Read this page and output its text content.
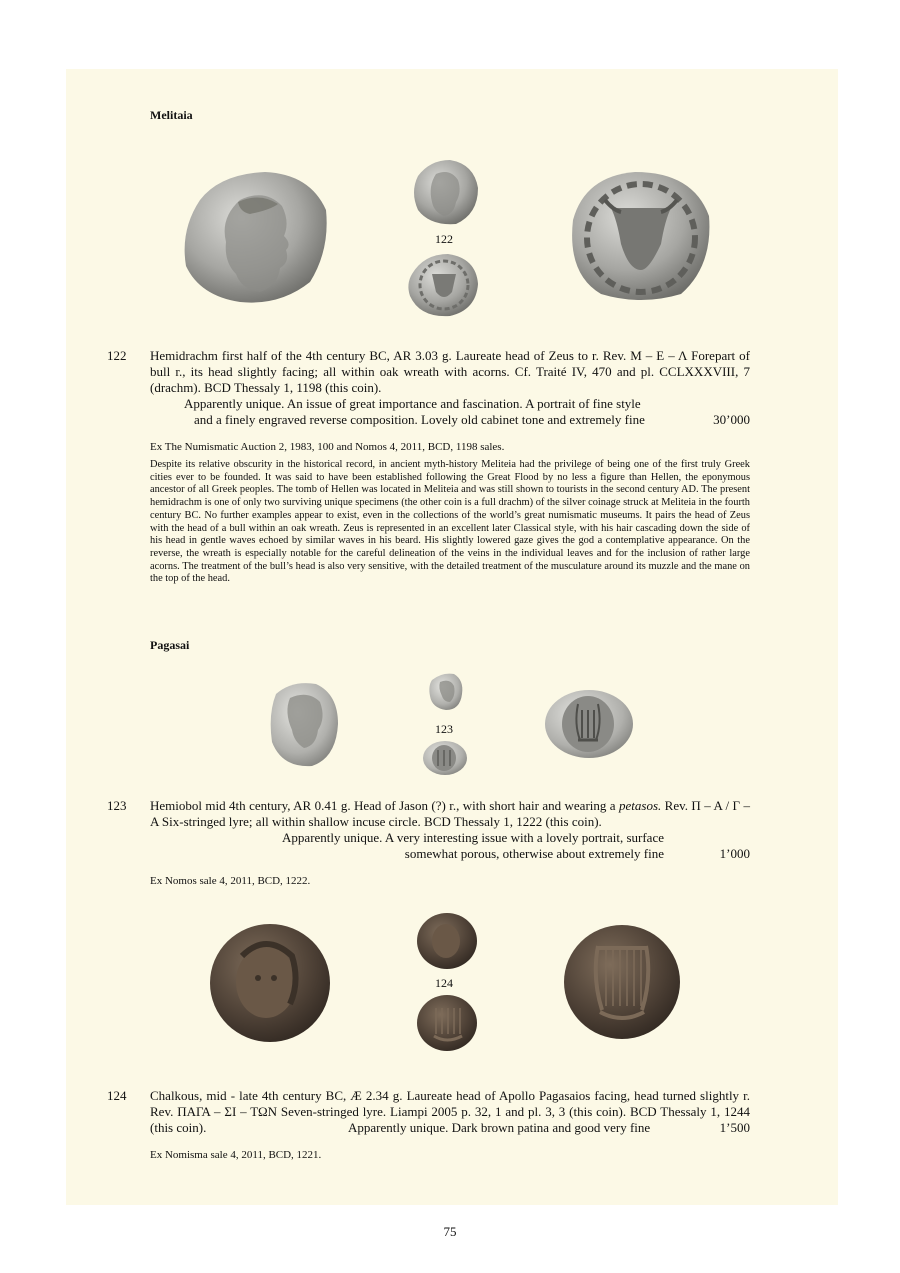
Melitaia
122
122 Hemidrachm first half of the 4th century BC, AR 3.03 g. Laureate head of Zeus to r. Rev. Μ – Ε – Λ Forepart of bull r., its head slightly facing; all within oak wreath with acorns. Cf. Traité IV, 470 and pl. CCLXXXVIII, 7 (drachm). BCD Thessaly 1, 1198 (this coin).
Apparently unique. An issue of great importance and fascination. A portrait of fine style
and a finely engraved reverse composition. Lovely old cabinet tone and extremely fine	30’000
Ex The Numismatic Auction 2, 1983, 100 and Nomos 4, 2011, BCD, 1198 sales.
Despite its relative obscurity in the historical record, in ancient myth-history Meliteia had the privilege of being one of the first truly Greek cities ever to be founded. It was said to have been established following the Great Flood by no less a figure than Hellen, the eponymous ancestor of all Greek peoples. The tomb of Hellen was located in Meliteia and was still shown to tourists in the second century AD. The present hemidrachm is one of only two surviving unique specimens (the other coin is a full drachm) of the silver coinage struck at Meliteia in the fourth century BC. No further examples appear to exist, even in the collections of the world’s great numismatic museums. It pairs the head of Zeus with the head of a bull within an oak wreath. Zeus is represented in an excellent later Classical style, with his hair cascading down the side of his head in gentle waves echoed by similar waves in his beard. His slightly lowered gaze gives the god a contemplative appearance. On the reverse, the wreath is especially notable for the careful delineation of the veins in the individual leaves and for the inclusion of rather large acorns. The treatment of the bull’s head is also very sensitive, with the detailed treatment of the musculature around its muzzle and the mane on the top of the head.
Pagasai
123
123 Hemiobol mid 4th century, AR 0.41 g. Head of Jason (?) r., with short hair and wearing a petasos. Rev. Π – Α / Γ – Α Six-stringed lyre; all within shallow incuse circle. BCD Thessaly 1, 1222 (this coin).
Apparently unique. A very interesting issue with a lovely portrait, surface
somewhat porous, otherwise about extremely fine	1’000
Ex Nomos sale 4, 2011, BCD, 1222.
124
124 Chalkous, mid - late 4th century BC, Æ 2.34 g. Laureate head of Apollo Pagasaios facing, head turned slightly r. Rev. ΠΑΓΑ – ΣΙ – ΤΩΝ Seven-stringed lyre. Liampi 2005 p. 32, 1 and pl. 3, 3 (this coin). BCD Thessaly 1, 1244 (this coin).	Apparently unique. Dark brown patina and good very fine	1’500
Ex Nomisma sale 4, 2011, BCD, 1221.
75
